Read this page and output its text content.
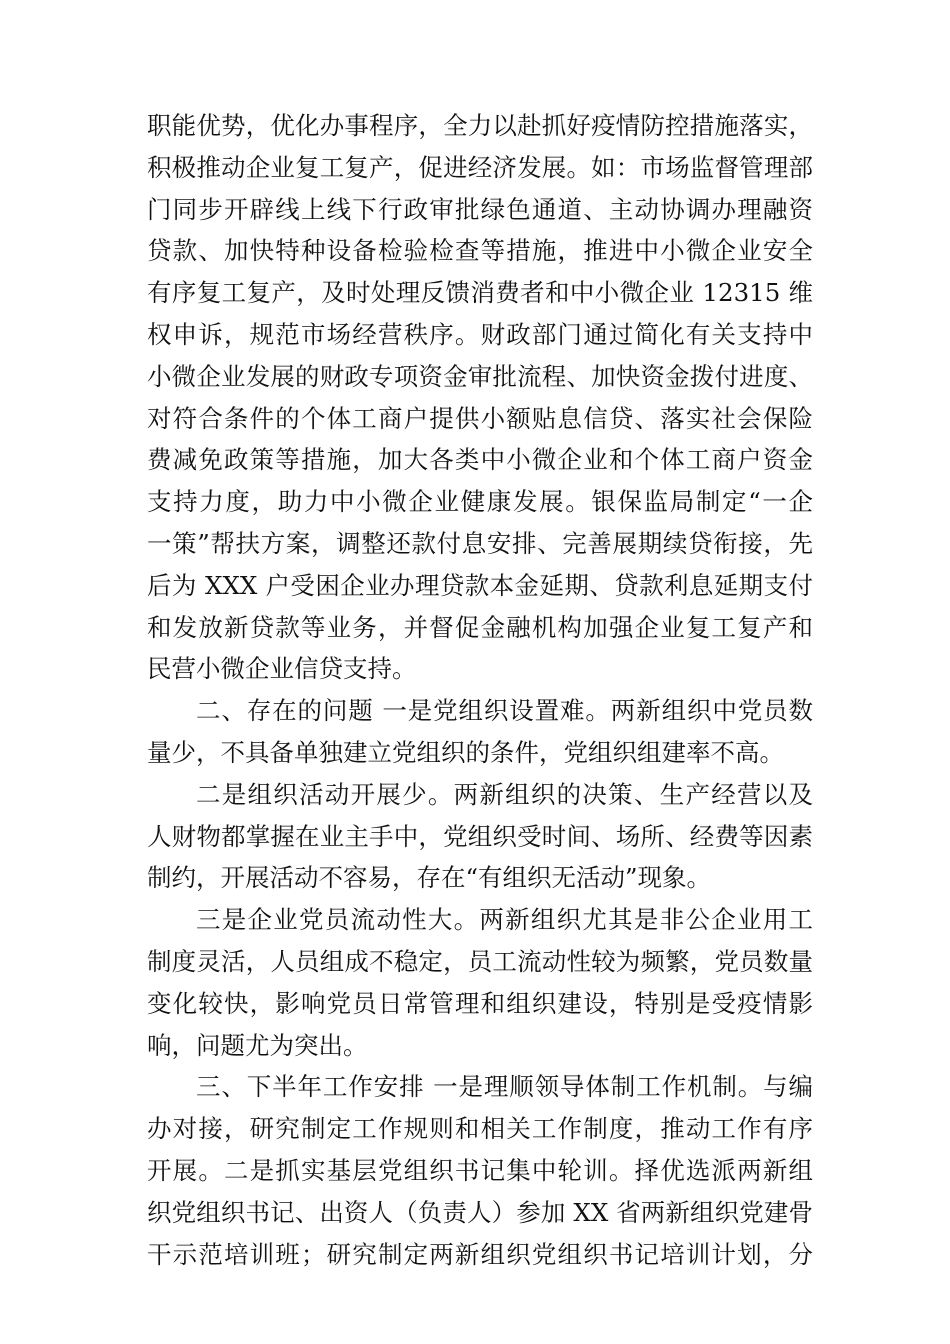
职能优势，优化办事程序，全力以赴抓好疫情防控措施落实，
积极推动企业复工复产，促进经济发展。如：市场监督管理部
门同步开辟线上线下行政审批绿色通道、主动协调办理融资
贷款、加快特种设备检验检查等措施，推进中小微企业安全
有序复工复产，及时处理反馈消费者和中小微企业 12315 维
权申诉，规范市场经营秩序。财政部门通过简化有关支持中
小微企业发展的财政专项资金审批流程、加快资金拨付进度、
对符合条件的个体工商户提供小额贴息信贷、落实社会保险
费减免政策等措施，加大各类中小微企业和个体工商户资金
支持力度，助力中小微企业健康发展。银保监局制定“一企
一策”帮扶方案，调整还款付息安排、完善展期续贷衔接，先
后为 XXX 户受困企业办理贷款本金延期、贷款利息延期支付
和发放新贷款等业务，并督促金融机构加强企业复工复产和
民营小微企业信贷支持。
二、存在的问题 一是党组织设置难。两新组织中党员数
量少，不具备单独建立党组织的条件，党组织组建率不高。
二是组织活动开展少。两新组织的决策、生产经营以及
人财物都掌握在业主手中，党组织受时间、场所、经费等因素
制约，开展活动不容易，存在“有组织无活动”现象。
三是企业党员流动性大。两新组织尤其是非公企业用工
制度灵活，人员组成不稳定，员工流动性较为频繁，党员数量
变化较快，影响党员日常管理和组织建设，特别是受疫情影
响，问题尤为突出。
三、下半年工作安排 一是理顺领导体制工作机制。与编
办对接，研究制定工作规则和相关工作制度，推动工作有序
开展。二是抓实基层党组织书记集中轮训。择优选派两新组
织党组织书记、出资人（负责人）参加 XX 省两新组织党建骨
干示范培训班；研究制定两新组织党组织书记培训计划，分
